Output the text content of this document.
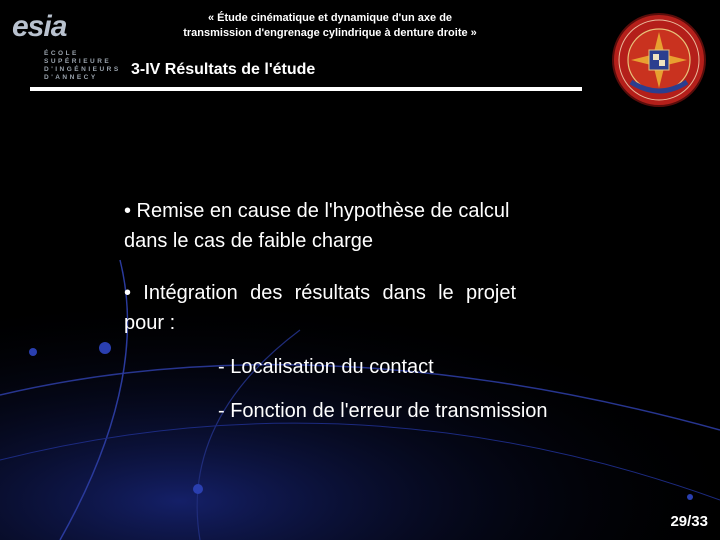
esia
ÉCOLE
SUPÉRIEURE
D'INGÉNIEURS
D'ANNECY
« Étude cinématique et dynamique d'un axe de
transmission d'engrenage cylindrique à denture droite »
3-IV Résultats de l'étude
• Remise en cause de l'hypothèse de calcul dans le cas de faible charge
• Intégration des résultats dans le projet pour :
- Localisation du contact
- Fonction de l'erreur de transmission
29/33
